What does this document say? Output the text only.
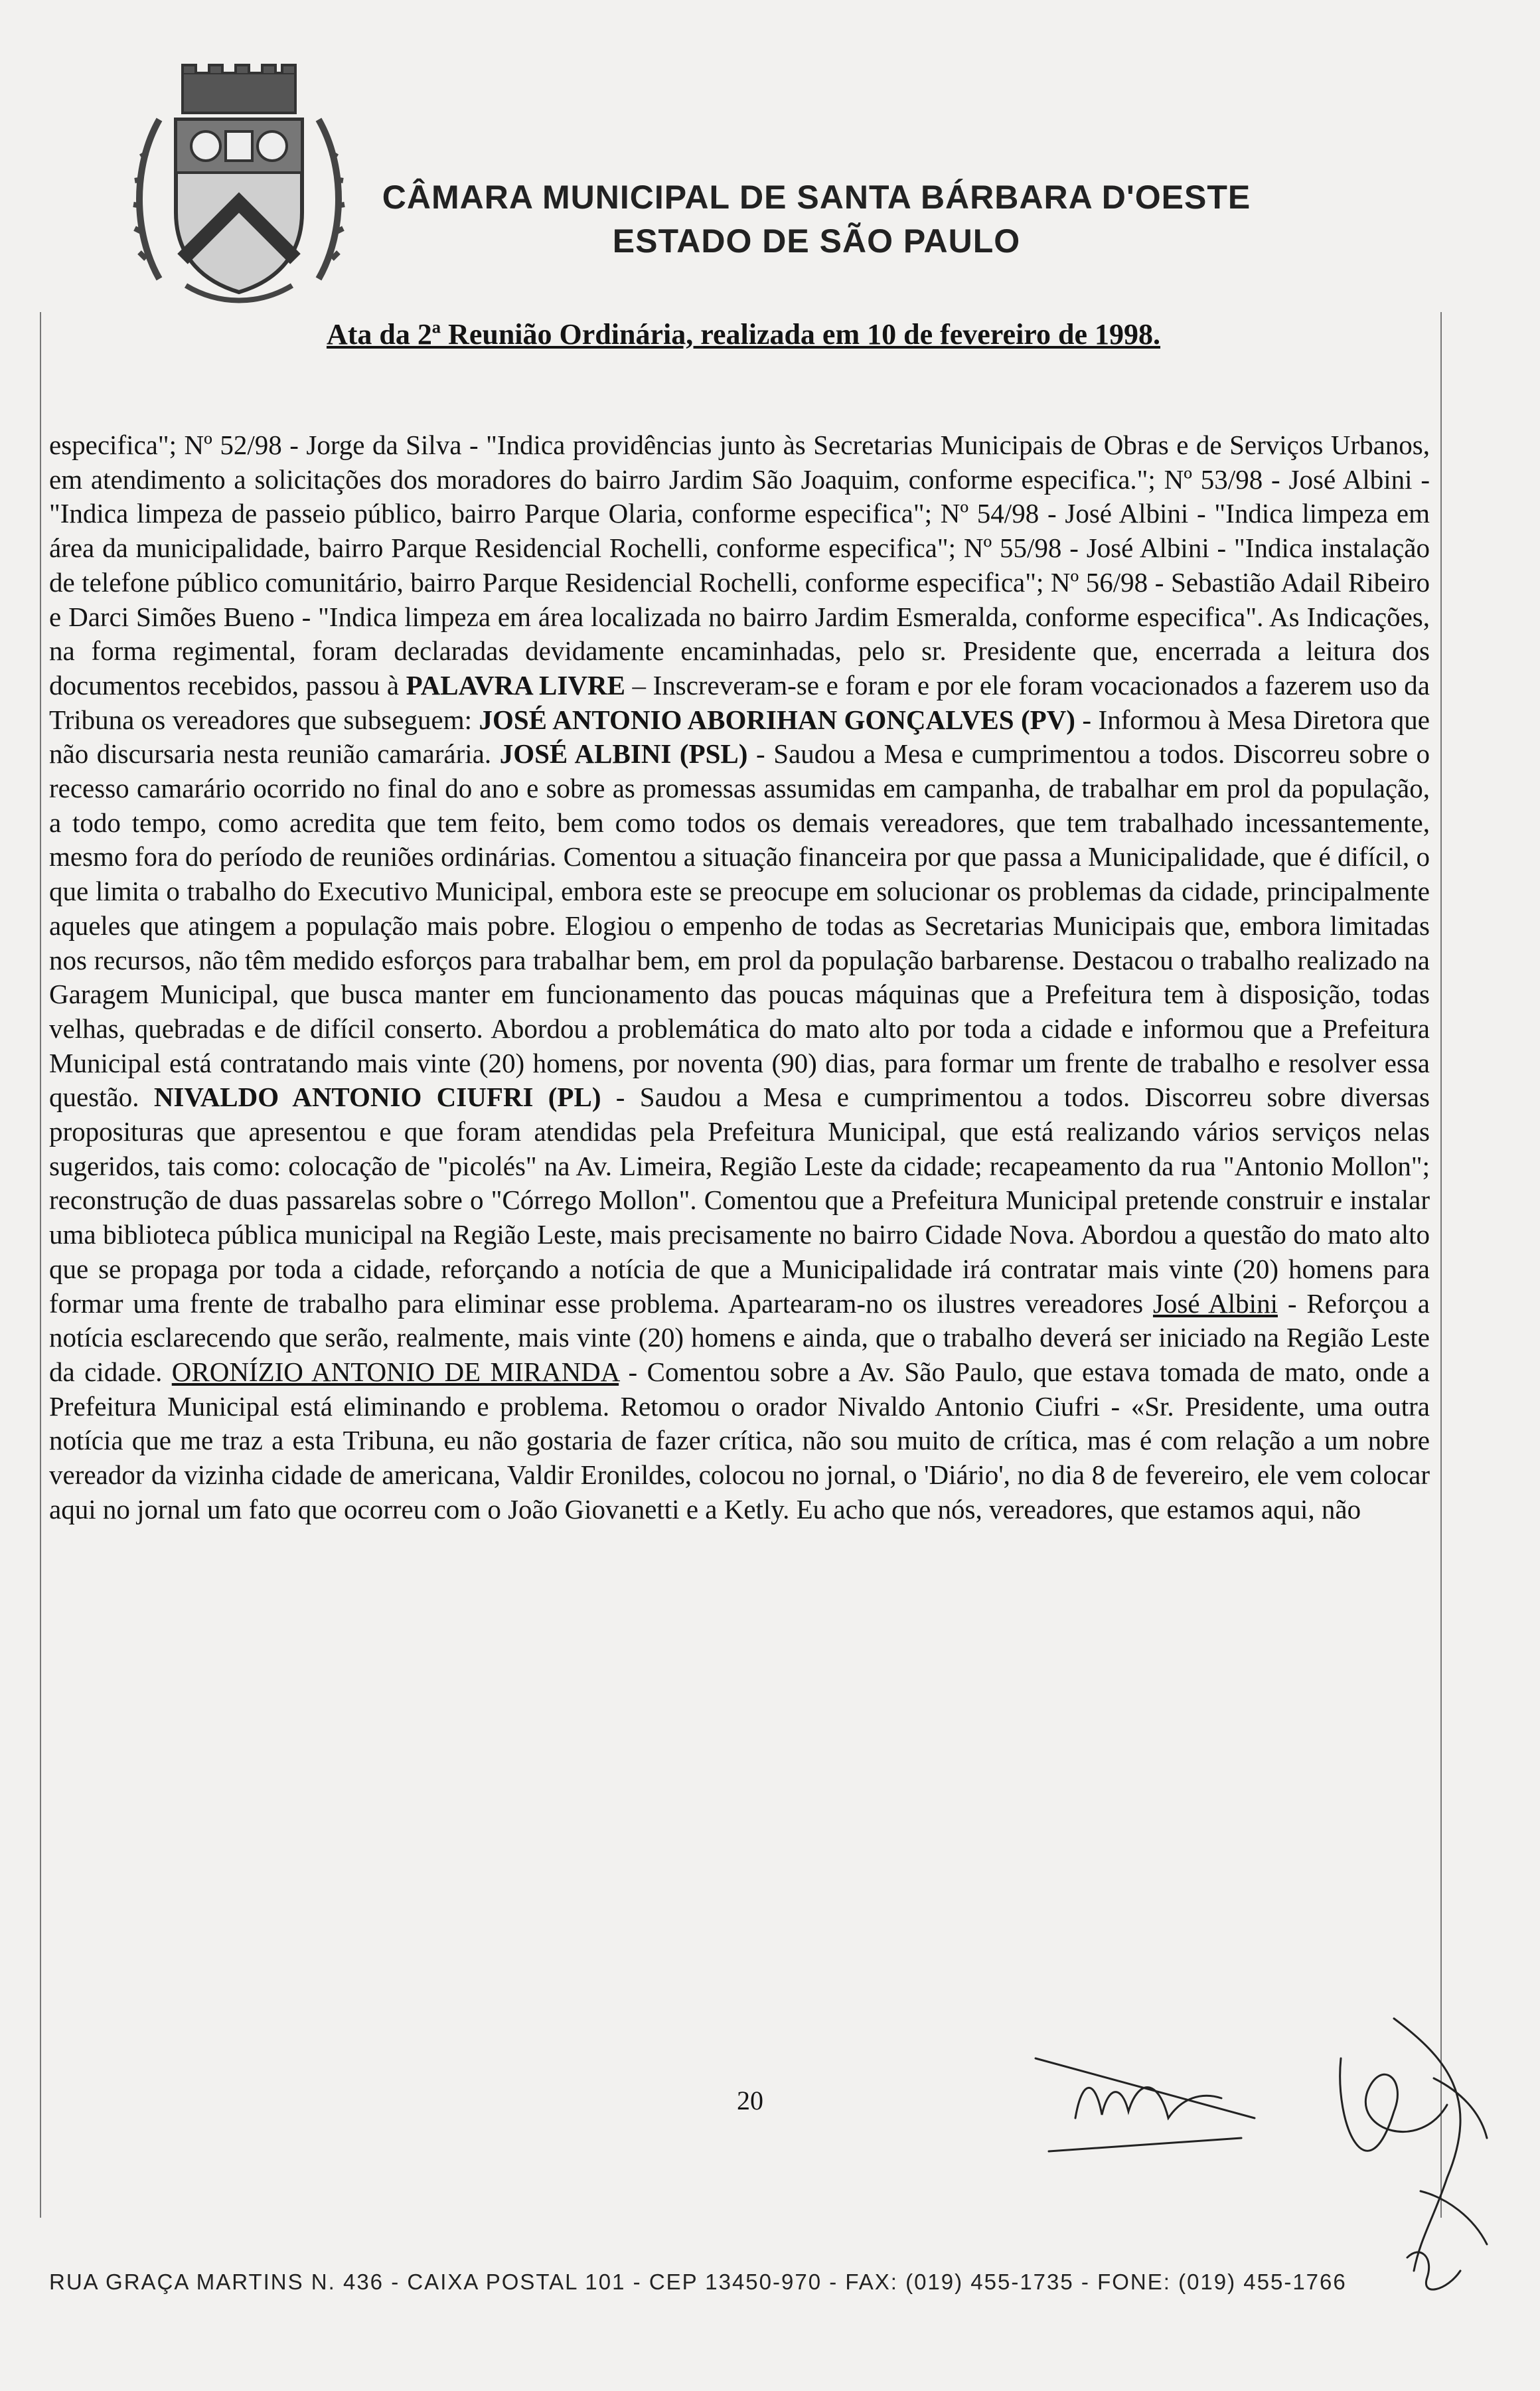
CÂMARA MUNICIPAL DE SANTA BÁRBARA D'OESTE
ESTADO DE SÃO PAULO
Ata da 2ª Reunião Ordinária, realizada em 10 de fevereiro de 1998.
especifica"; Nº 52/98 - Jorge da Silva - "Indica providências junto às Secretarias Municipais de Obras e de Serviços Urbanos, em atendimento a solicitações dos moradores do bairro Jardim São Joaquim, conforme especifica."; Nº 53/98 - José Albini - "Indica limpeza de passeio público, bairro Parque Olaria, conforme especifica"; Nº 54/98 - José Albini - "Indica limpeza em área da municipalidade, bairro Parque Residencial Rochelli, conforme especifica"; Nº 55/98 - José Albini - "Indica instalação de telefone público comunitário, bairro Parque Residencial Rochelli, conforme especifica"; Nº 56/98 - Sebastião Adail Ribeiro e Darci Simões Bueno - "Indica limpeza em área localizada no bairro Jardim Esmeralda, conforme especifica". As Indicações, na forma regimental, foram declaradas devidamente encaminhadas, pelo sr. Presidente que, encerrada a leitura dos documentos recebidos, passou à PALAVRA LIVRE – Inscreveram-se e foram e por ele foram vocacionados a fazerem uso da Tribuna os vereadores que subseguem: JOSÉ ANTONIO ABORIHAN GONÇALVES (PV) - Informou à Mesa Diretora que não discursaria nesta reunião camarária. JOSÉ ALBINI (PSL) - Saudou a Mesa e cumprimentou a todos. Discorreu sobre o recesso camarário ocorrido no final do ano e sobre as promessas assumidas em campanha, de trabalhar em prol da população, a todo tempo, como acredita que tem feito, bem como todos os demais vereadores, que tem trabalhado incessantemente, mesmo fora do período de reuniões ordinárias. Comentou a situação financeira por que passa a Municipalidade, que é difícil, o que limita o trabalho do Executivo Municipal, embora este se preocupe em solucionar os problemas da cidade, principalmente aqueles que atingem a população mais pobre. Elogiou o empenho de todas as Secretarias Municipais que, embora limitadas nos recursos, não têm medido esforços para trabalhar bem, em prol da população barbarense. Destacou o trabalho realizado na Garagem Municipal, que busca manter em funcionamento das poucas máquinas que a Prefeitura tem à disposição, todas velhas, quebradas e de difícil conserto. Abordou a problemática do mato alto por toda a cidade e informou que a Prefeitura Municipal está contratando mais vinte (20) homens, por noventa (90) dias, para formar um frente de trabalho e resolver essa questão. NIVALDO ANTONIO CIUFRI (PL) - Saudou a Mesa e cumprimentou a todos. Discorreu sobre diversas proposituras que apresentou e que foram atendidas pela Prefeitura Municipal, que está realizando vários serviços nelas sugeridos, tais como: colocação de "picolés" na Av. Limeira, Região Leste da cidade; recapeamento da rua "Antonio Mollon"; reconstrução de duas passarelas sobre o "Córrego Mollon". Comentou que a Prefeitura Municipal pretende construir e instalar uma biblioteca pública municipal na Região Leste, mais precisamente no bairro Cidade Nova. Abordou a questão do mato alto que se propaga por toda a cidade, reforçando a notícia de que a Municipalidade irá contratar mais vinte (20) homens para formar uma frente de trabalho para eliminar esse problema. Apartearam-no os ilustres vereadores José Albini - Reforçou a notícia esclarecendo que serão, realmente, mais vinte (20) homens e ainda, que o trabalho deverá ser iniciado na Região Leste da cidade. ORONÍZIO ANTONIO DE MIRANDA - Comentou sobre a Av. São Paulo, que estava tomada de mato, onde a Prefeitura Municipal está eliminando e problema. Retomou o orador Nivaldo Antonio Ciufri - «Sr. Presidente, uma outra notícia que me traz a esta Tribuna, eu não gostaria de fazer crítica, não sou muito de crítica, mas é com relação a um nobre vereador da vizinha cidade de americana, Valdir Eronildes, colocou no jornal, o 'Diário', no dia 8 de fevereiro, ele vem colocar aqui no jornal um fato que ocorreu com o João Giovanetti e a Ketly. Eu acho que nós, vereadores, que estamos aqui, não
20
RUA GRAÇA MARTINS N. 436 - CAIXA POSTAL 101 - CEP 13450-970 - FAX: (019) 455-1735 - FONE: (019) 455-1766
